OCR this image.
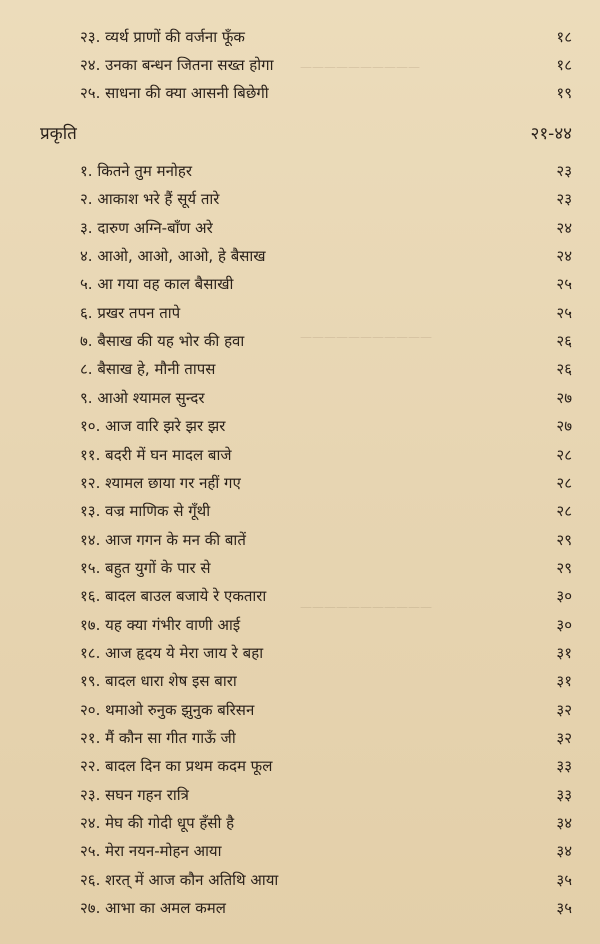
——————————
———————————
———————————
२३. व्यर्थ प्राणों की वर्जना फूँक	१८
२४. उनका बन्धन जितना सख्त होगा	१८
२५. साधना की क्या आसनी बिछेगी	१९
प्रकृति	२१-४४
१. कितने तुम मनोहर	२३
२. आकाश भरे हैं सूर्य तारे	२३
३. दारुण अग्नि-बाँण अरे	२४
४. आओ, आओ, आओ, हे बैसाख	२४
५. आ गया वह काल बैसाखी	२५
६. प्रखर तपन तापे	२५
७. बैसाख की यह भोर की हवा	२६
८. बैसाख हे, मौनी तापस	२६
९. आओ श्यामल सुन्दर	२७
१०. आज वारि झरे झर झर	२७
११. बदरी में घन मादल बाजे	२८
१२. श्यामल छाया गर नहीं गए	२८
१३. वज्र माणिक से गूँथी	२८
१४. आज गगन के मन की बातें	२९
१५. बहुत युगों के पार से	२९
१६. बादल बाउल बजाये रे एकतारा	३०
१७. यह क्या गंभीर वाणी आई	३०
१८. आज हृदय ये मेरा जाय रे बहा	३१
१९. बादल धारा शेष इस बारा	३१
२०. थमाओ रुनुक झुनुक बरिसन	३२
२१. मैं कौन सा गीत गाऊँ जी	३२
२२. बादल दिन का प्रथम कदम फूल	३३
२३. सघन गहन रात्रि	३३
२४. मेघ की गोदी धूप हँसी है	३४
२५. मेरा नयन-मोहन आया	३४
२६. शरत् में आज कौन अतिथि आया	३५
२७. आभा का अमल कमल	३५
